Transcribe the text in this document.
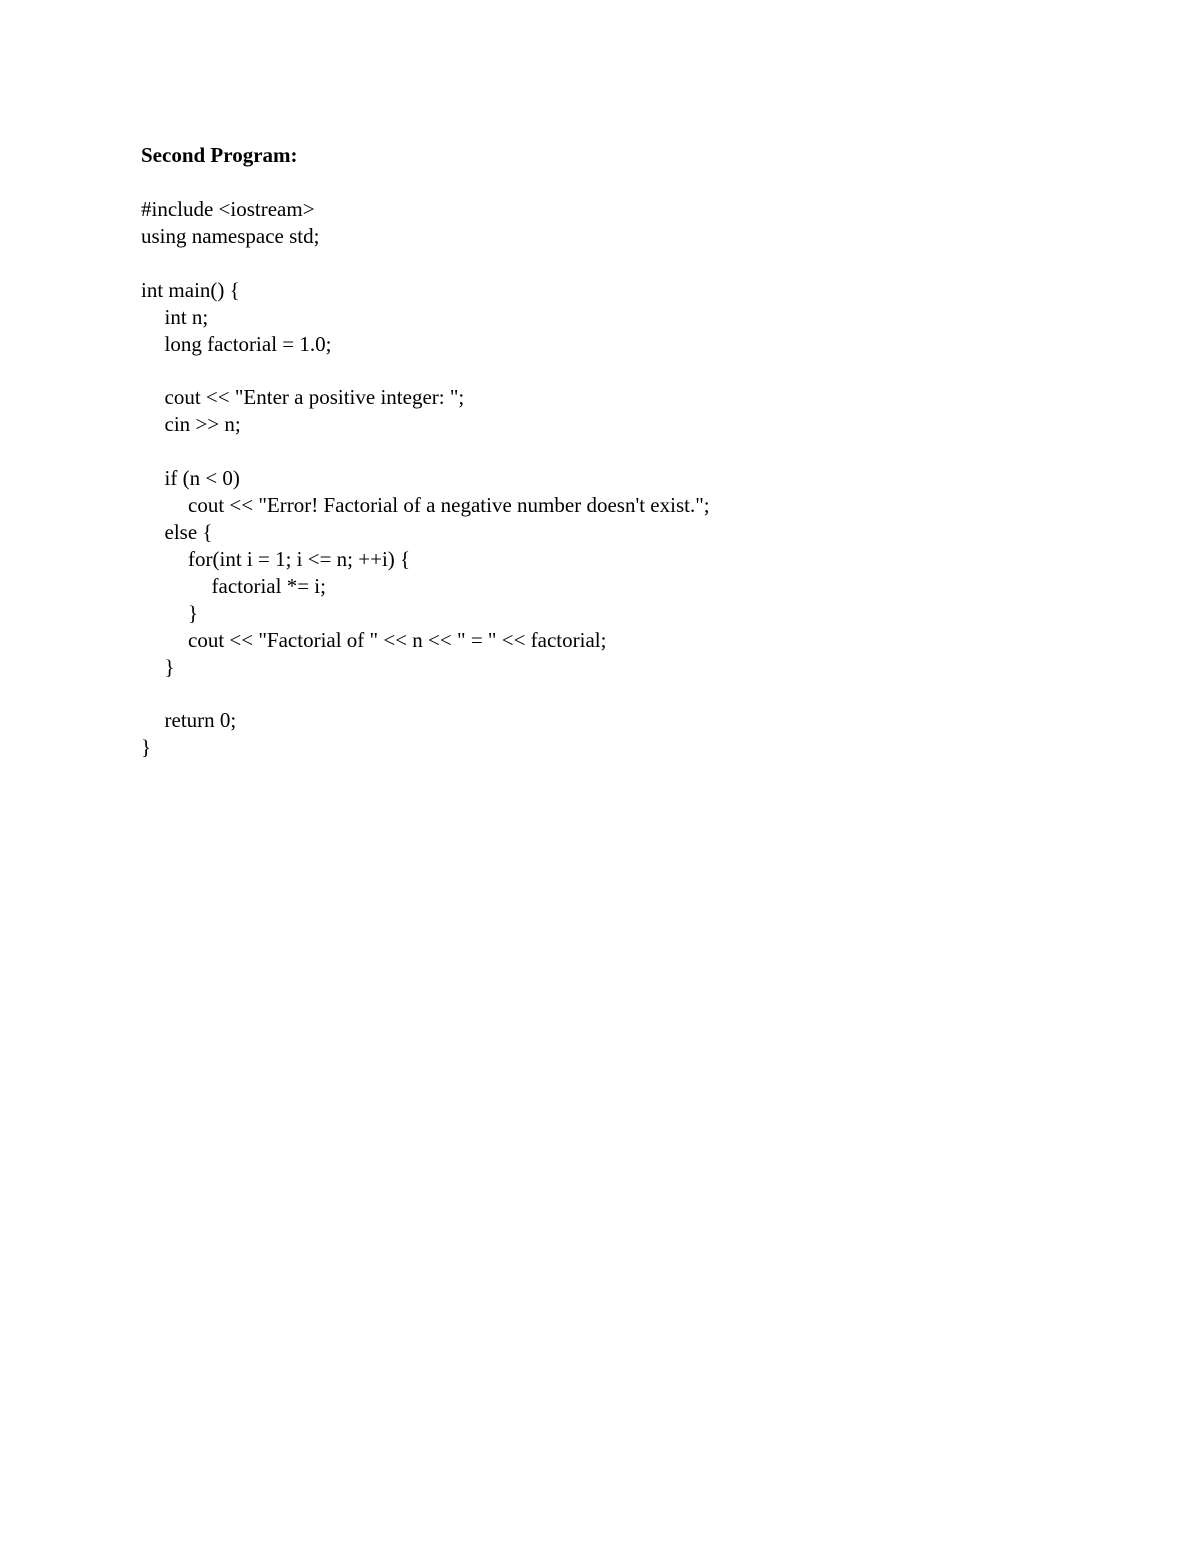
Second Program:
#include <iostream>
using namespace std;
int main() {
int n;
long factorial = 1.0;
cout << "Enter a positive integer: ";
cin >> n;
if (n < 0)
cout << "Error! Factorial of a negative number doesn't exist.";
else {
for(int i = 1; i <= n; ++i) {
factorial *= i;
}
cout << "Factorial of " << n << " = " << factorial;
}
return 0;
}
